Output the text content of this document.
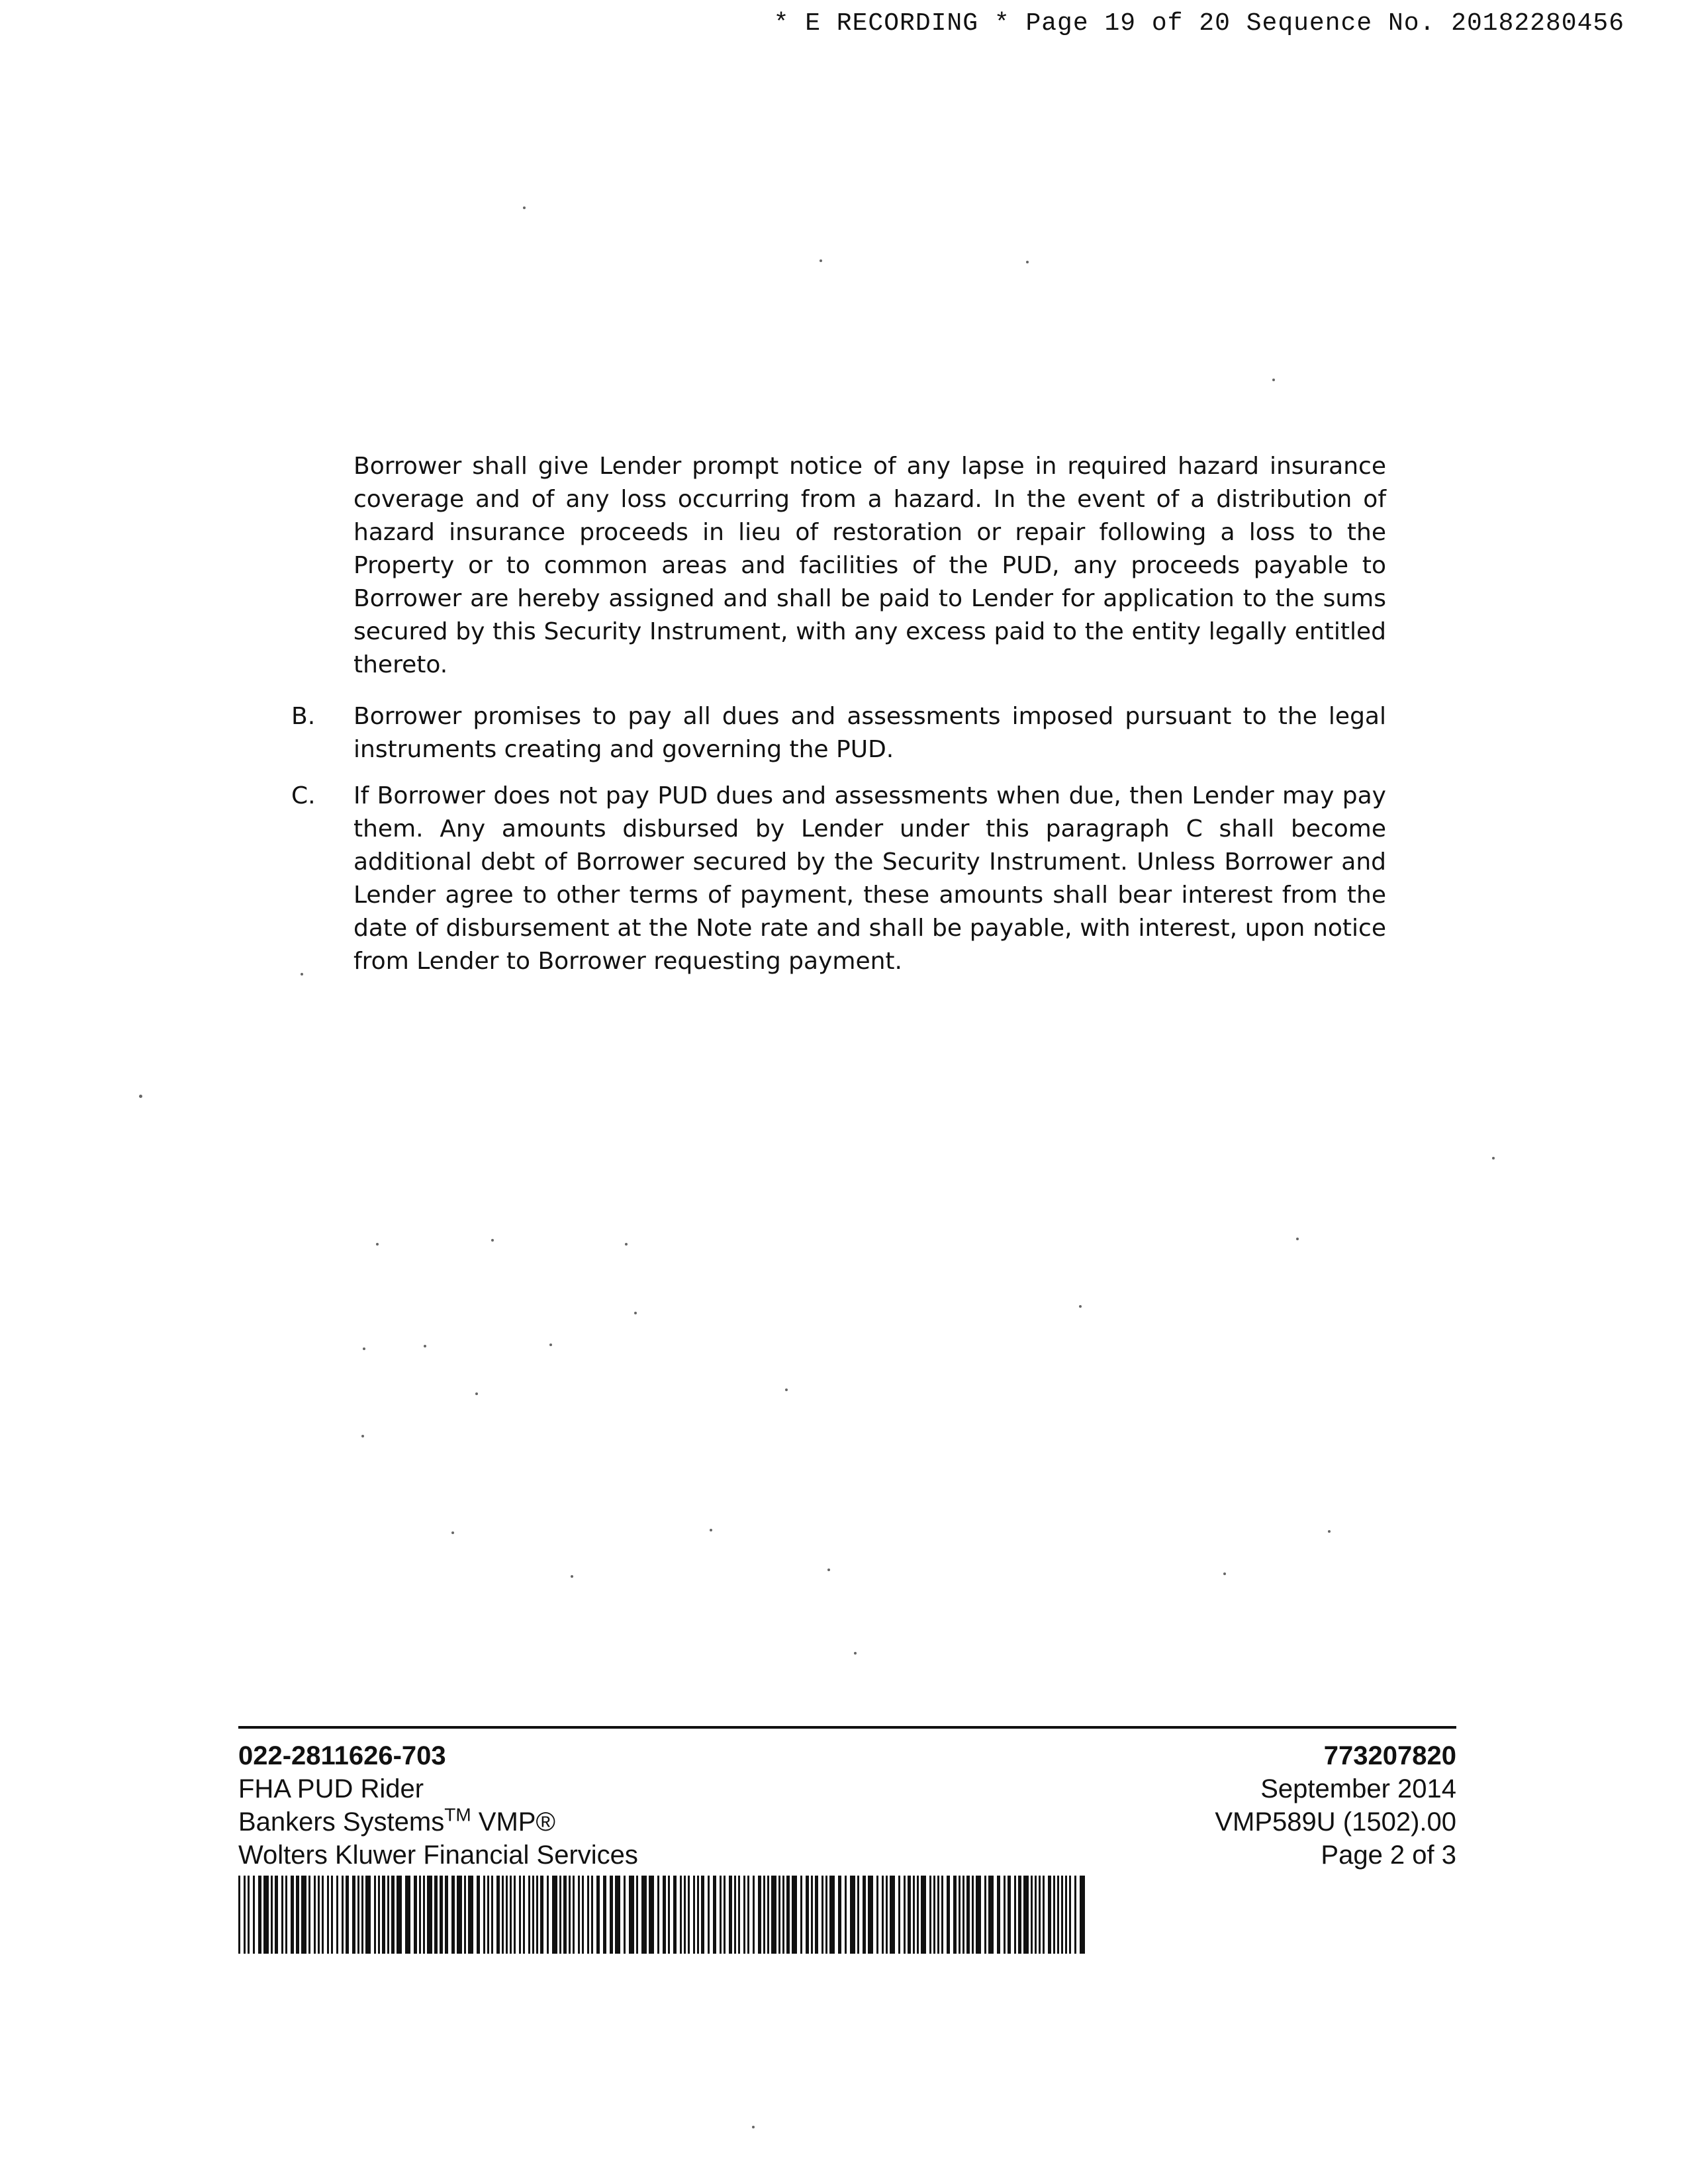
* E RECORDING * Page 19 of 20 Sequence No. 20182280456
Borrower shall give Lender prompt notice of any lapse in required hazard insurance coverage and of any loss occurring from a hazard. In the event of a distribution of hazard insurance proceeds in lieu of restoration or repair following a loss to the Property or to common areas and facilities of the PUD, any proceeds payable to Borrower are hereby assigned and shall be paid to Lender for application to the sums secured by this Security Instrument, with any excess paid to the entity legally entitled thereto.
B.	Borrower promises to pay all dues and assessments imposed pursuant to the legal instruments creating and governing the PUD.
C.	If Borrower does not pay PUD dues and assessments when due, then Lender may pay them. Any amounts disbursed by Lender under this paragraph C shall become additional debt of Borrower secured by the Security Instrument. Unless Borrower and Lender agree to other terms of payment, these amounts shall bear interest from the date of disbursement at the Note rate and shall be payable, with interest, upon notice from Lender to Borrower requesting payment.
022-2811626-703
FHA PUD Rider
Bankers Systems™ VMP®
Wolters Kluwer Financial Services
773207820
September 2014
VMP589U (1502).00
Page 2 of 3
